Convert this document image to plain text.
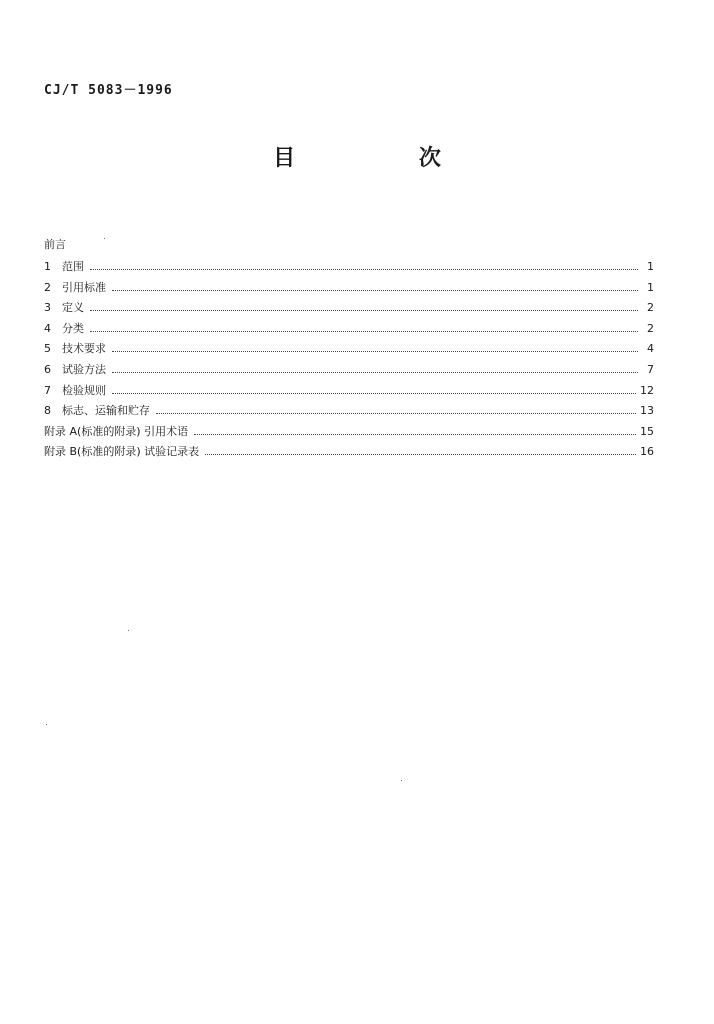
CJ/T 5083－1996
目 次
前言
1	范围	1
2	引用标准	1
3	定义	2
4	分类	2
5	技术要求	4
6	试验方法	7
7	检验规则	12
8	标志、运输和贮存	13
附录 A(标准的附录) 引用术语	15
附录 B(标准的附录) 试验记录表	16
